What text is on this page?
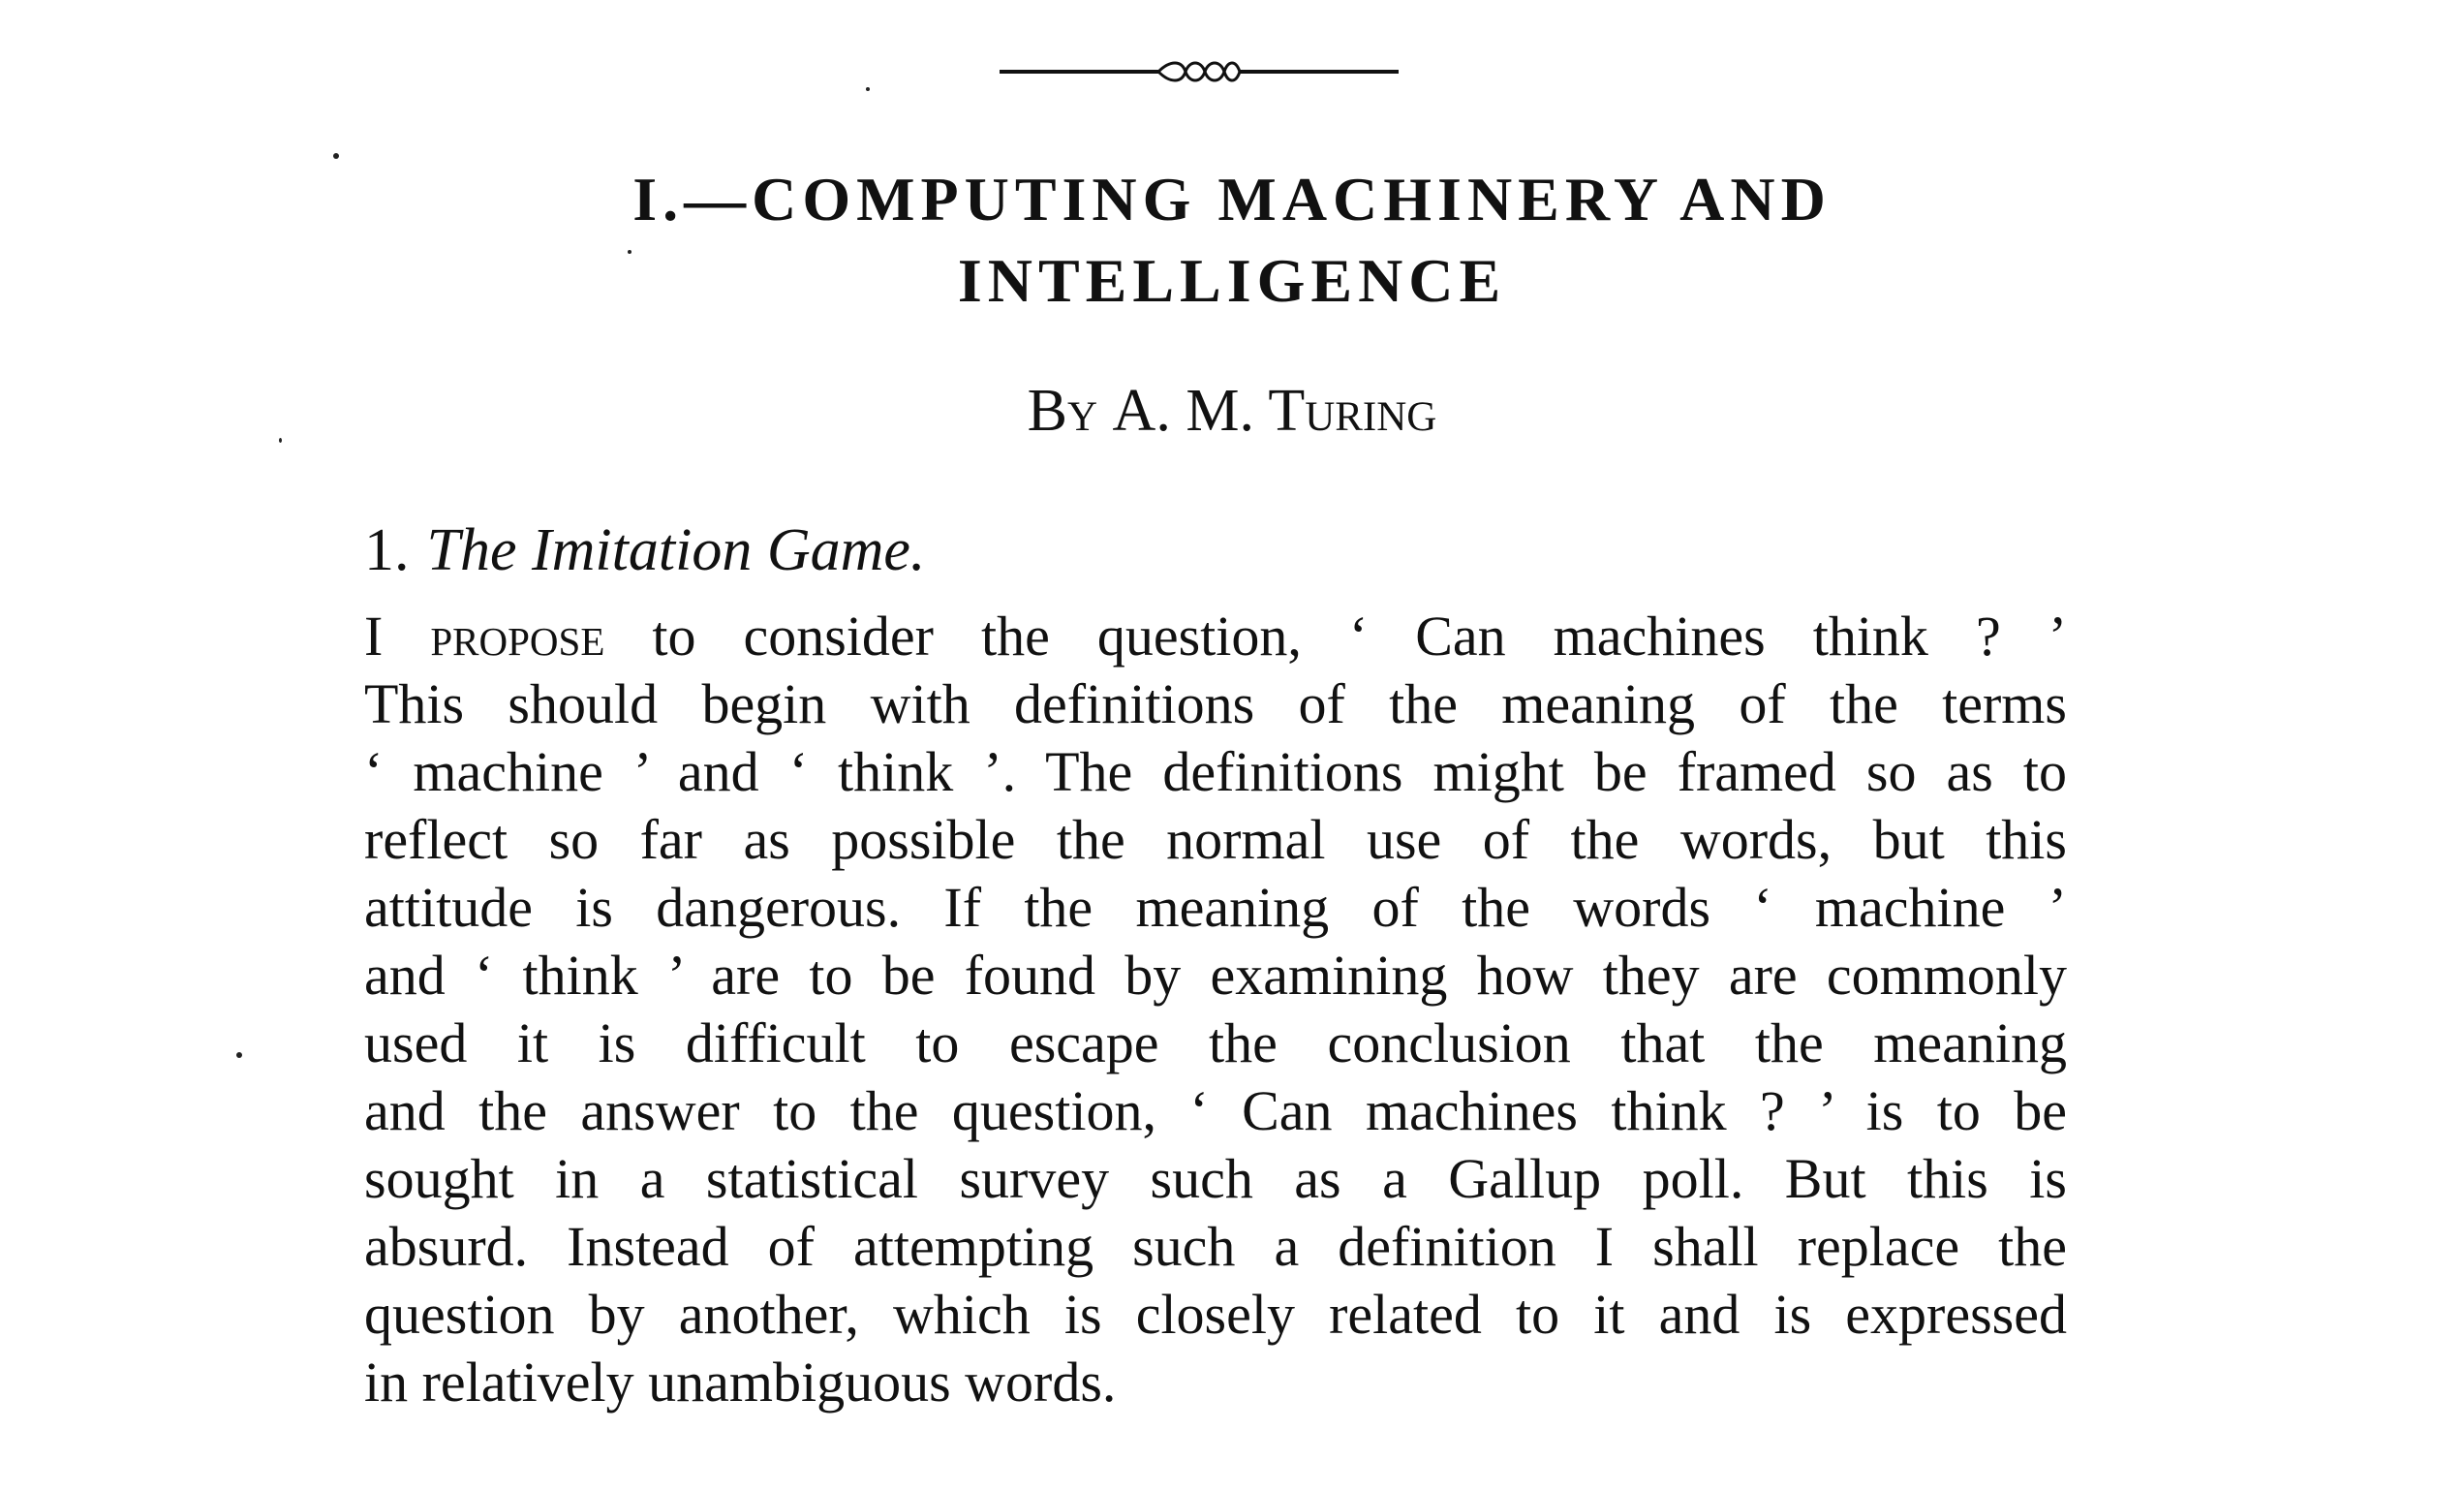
I.—COMPUTING MACHINERY AND
INTELLIGENCE
By A. M. Turing
1. The Imitation Game.
I propose to consider the question, ‘ Can machines think ? ’
This should begin with definitions of the meaning of the terms
‘ machine ’ and ‘ think ’. The definitions might be framed so as to
reflect so far as possible the normal use of the words, but this
attitude is dangerous. If the meaning of the words ‘ machine ’
and ‘ think ’ are to be found by examining how they are commonly
used it is difficult to escape the conclusion that the meaning
and the answer to the question, ‘ Can machines think ? ’ is to be
sought in a statistical survey such as a Gallup poll. But this is
absurd. Instead of attempting such a definition I shall replace the
question by another, which is closely related to it and is expressed
in relatively unambiguous words.
